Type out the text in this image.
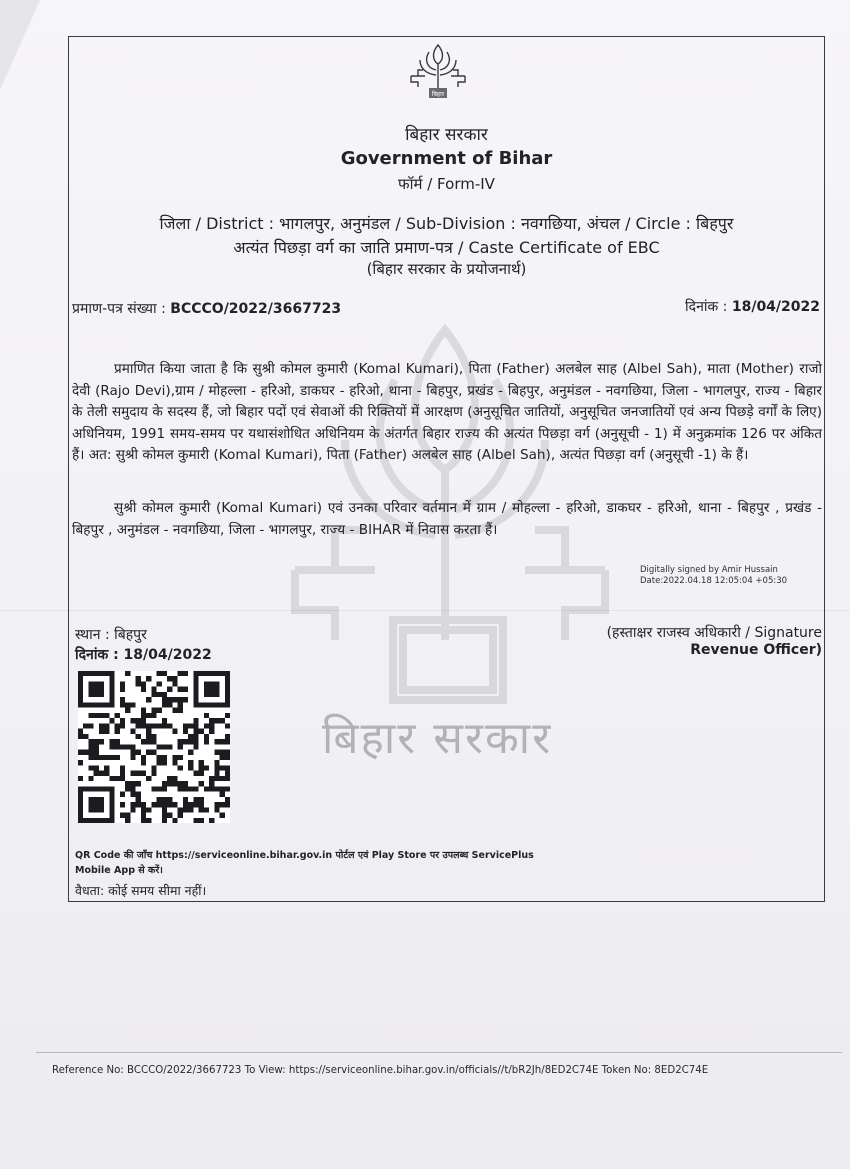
बिहार सरकार
बिहार
बिहार सरकार
Government of Bihar
फॉर्म / Form-IV
जिला / District : भागलपुर, अनुमंडल / Sub-Division : नवगछिया, अंचल / Circle : बिहपुर
अत्यंत पिछड़ा वर्ग का जाति प्रमाण-पत्र / Caste Certificate of EBC
(बिहार सरकार के प्रयोजनार्थ)
प्रमाण-पत्र संख्या : BCCCO/2022/3667723	दिनांक : 18/04/2022
प्रमाणित किया जाता है कि सुश्री कोमल कुमारी (Komal Kumari), पिता (Father) अलबेल साह (Albel Sah), माता (Mother) राजो देवी (Rajo Devi),ग्राम / मोहल्ला - हरिओ, डाकघर - हरिओ, थाना - बिहपुर, प्रखंड - बिहपुर, अनुमंडल - नवगछिया, जिला - भागलपुर, राज्य - बिहार के तेली समुदाय के सदस्य हैं, जो बिहार पदों एवं सेवाओं की रिक्तियों में आरक्षण (अनुसूचित जातियों, अनुसूचित जनजातियों एवं अन्य पिछड़े वर्गों के लिए) अधिनियम, 1991 समय-समय पर यथासंशोधित अधिनियम के अंतर्गत बिहार राज्य की अत्यंत पिछड़ा वर्ग (अनुसूची - 1) में अनुक्रमांक 126 पर अंकित हैं। अत: सुश्री कोमल कुमारी (Komal Kumari), पिता (Father) अलबेल साह (Albel Sah), अत्यंत पिछड़ा वर्ग (अनुसूची -1) के हैं।
सुश्री कोमल कुमारी (Komal Kumari) एवं उनका परिवार वर्तमान में ग्राम / मोहल्ला - हरिओ, डाकघर - हरिओ, थाना - बिहपुर , प्रखंड - बिहपुर , अनुमंडल - नवगछिया, जिला - भागलपुर, राज्य - BIHAR में निवास करता हैं।
Digitally signed by Amir Hussain
Date:2022.04.18 12:05:04 +05:30
स्थान : बिहपुर
दिनांक : 18/04/2022
(हस्ताक्षर राजस्व अधिकारी / Signature
Revenue Officer)
QR Code की जाँच https://serviceonline.bihar.gov.in पोर्टल एवं Play Store पर उपलब्ध ServicePlus
Mobile App से करें।
वैधता: कोई समय सीमा नहीं।
Reference No: BCCCO/2022/3667723 To View: https://serviceonline.bihar.gov.in/officials//t/bR2Jh/8ED2C74E Token No: 8ED2C74E
